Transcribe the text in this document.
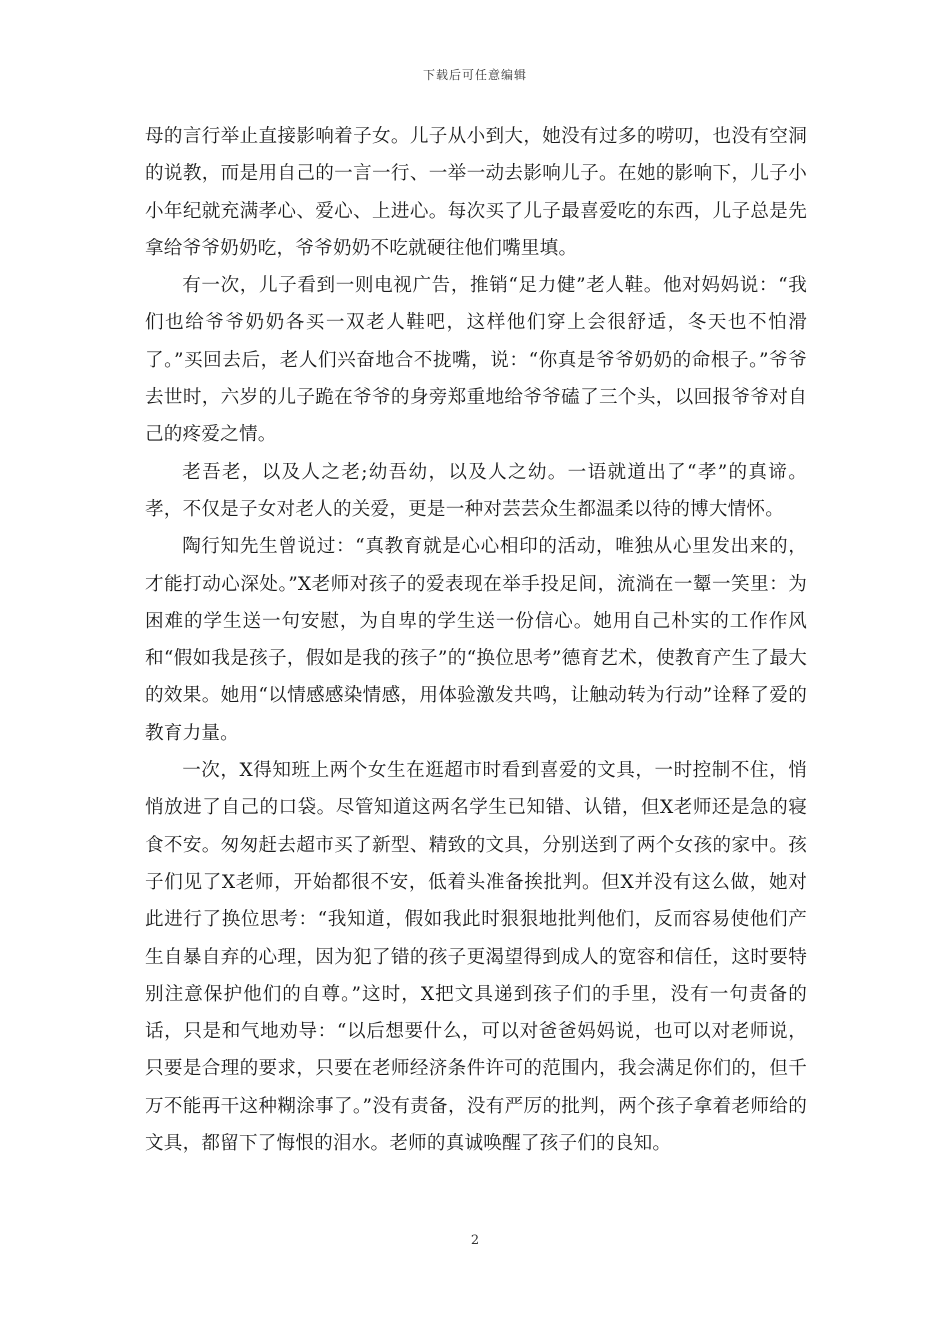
下载后可任意编辑

母的言行举止直接影响着子女。儿子从小到大，她没有过多的唠叨，也没有空洞的说教，而是用自己的一言一行、一举一动去影响儿子。在她的影响下，儿子小小年纪就充满孝心、爱心、上进心。每次买了儿子最喜爱吃的东西，儿子总是先拿给爷爷奶奶吃，爷爷奶奶不吃就硬往他们嘴里填。

有一次，儿子看到一则电视广告，推销“足力健”老人鞋。他对妈妈说：“我们也给爷爷奶奶各买一双老人鞋吧，这样他们穿上会很舒适，冬天也不怕滑了。”买回去后，老人们兴奋地合不拢嘴，说：“你真是爷爷奶奶的命根子。”爷爷去世时，六岁的儿子跪在爷爷的身旁郑重地给爷爷磕了三个头，以回报爷爷对自己的疼爱之情。

老吾老，以及人之老;幼吾幼，以及人之幼。一语就道出了“孝”的真谛。孝，不仅是子女对老人的关爱，更是一种对芸芸众生都温柔以待的博大情怀。

陶行知先生曾说过：“真教育就是心心相印的活动，唯独从心里发出来的，才能打动心深处。”X老师对孩子的爱表现在举手投足间，流淌在一颦一笑里：为困难的学生送一句安慰，为自卑的学生送一份信心。她用自己朴实的工作作风和“假如我是孩子，假如是我的孩子”的“换位思考”德育艺术，使教育产生了最大的效果。她用“以情感感染情感，用体验激发共鸣，让触动转为行动”诠释了爱的教育力量。

一次，X得知班上两个女生在逛超市时看到喜爱的文具，一时控制不住，悄悄放进了自己的口袋。尽管知道这两名学生已知错、认错，但X老师还是急的寝食不安。匆匆赶去超市买了新型、精致的文具，分别送到了两个女孩的家中。孩子们见了X老师，开始都很不安，低着头准备挨批判。但X并没有这么做，她对此进行了换位思考：“我知道，假如我此时狠狠地批判他们，反而容易使他们产生自暴自弃的心理，因为犯了错的孩子更渴望得到成人的宽容和信任，这时要特别注意保护他们的自尊。”这时，X把文具递到孩子们的手里，没有一句责备的话，只是和气地劝导：“以后想要什么，可以对爸爸妈妈说，也可以对老师说，只要是合理的要求，只要在老师经济条件许可的范围内，我会满足你们的，但千万不能再干这种糊涂事了。”没有责备，没有严厉的批判，两个孩子拿着老师给的文具，都留下了悔恨的泪水。老师的真诚唤醒了孩子们的良知。

2
